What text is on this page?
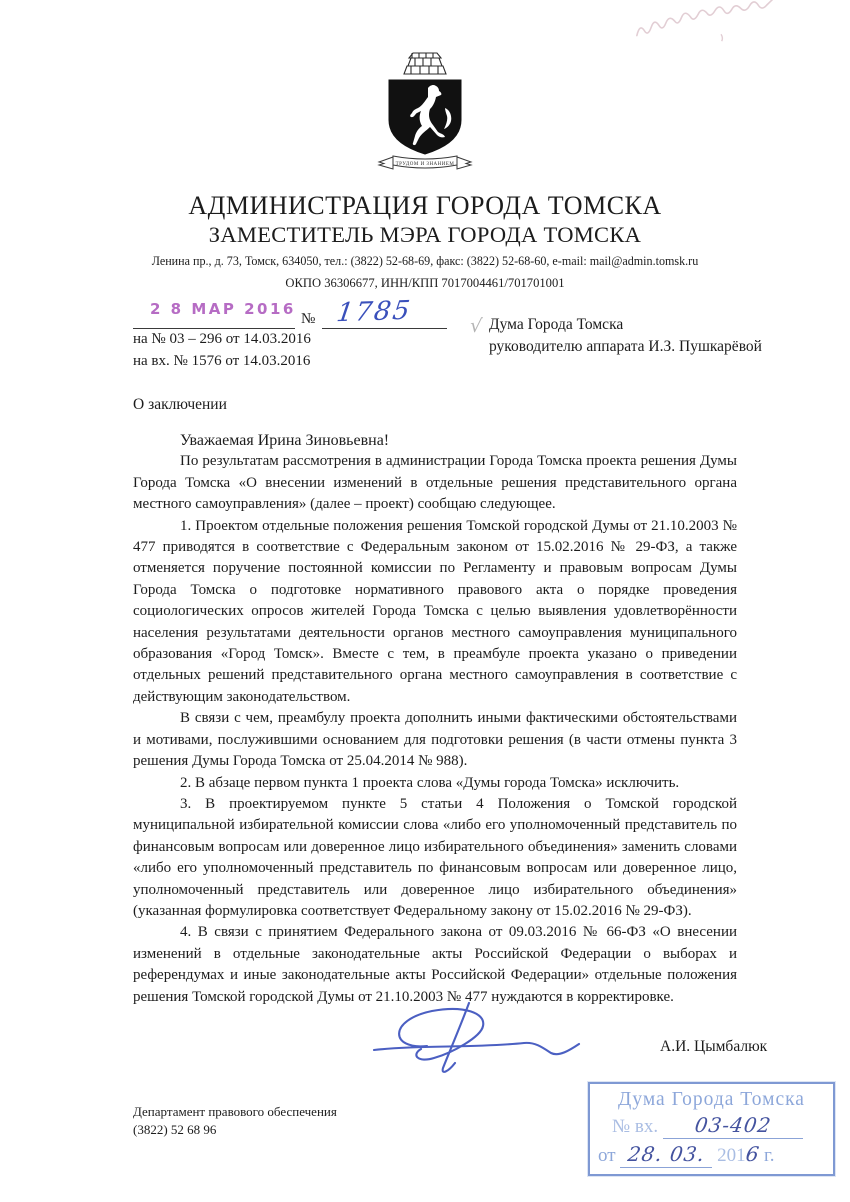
ТРУДОМ И ЗНАНИЕМ
АДМИНИСТРАЦИЯ ГОРОДА ТОМСКА
ЗАМЕСТИТЕЛЬ МЭРА ГОРОДА ТОМСКА
Ленина пр., д. 73, Томск, 634050, тел.: (3822) 52-68-69, факс: (3822) 52-68-60, e-mail: mail@admin.tomsk.ru
ОКПО 36306677, ИНН/КПП 7017004461/701701001
2 8 МАР 2016
№ 1785
на № 03 – 296 от 14.03.2016
на вх. № 1576 от 14.03.2016
√ Дума Города Томска
руководителю аппарата И.З. Пушкарёвой
О заключении

Уважаемая Ирина Зиновьевна!

По результатам рассмотрения в администрации Города Томска проекта решения Думы Города Томска «О внесении изменений в отдельные решения представительного органа местного самоуправления» (далее – проект) сообщаю следующее.

1. Проектом отдельные положения решения Томской городской Думы от 21.10.2003 № 477 приводятся в соответствие с Федеральным законом от 15.02.2016 № 29-ФЗ, а также отменяется поручение постоянной комиссии по Регламенту и правовым вопросам Думы Города Томска о подготовке нормативного правового акта о порядке проведения социологических опросов жителей Города Томска с целью выявления удовлетворённости населения результатами деятельности органов местного самоуправления муниципального образования «Город Томск». Вместе с тем, в преамбуле проекта указано о приведении отдельных решений представительного органа местного самоуправления в соответствие с действующим законодательством.

В связи с чем, преамбулу проекта дополнить иными фактическими обстоятельствами и мотивами, послужившими основанием для подготовки решения (в части отмены пункта 3 решения Думы Города Томска от 25.04.2014 № 988).

2. В абзаце первом пункта 1 проекта слова «Думы города Томска» исключить.

3. В проектируемом пункте 5 статьи 4 Положения о Томской городской муниципальной избирательной комиссии слова «либо его уполномоченный представитель по финансовым вопросам или доверенное лицо избирательного объединения» заменить словами «либо его уполномоченный представитель по финансовым вопросам или доверенное лицо, уполномоченный представитель или доверенное лицо избирательного объединения» (указанная формулировка соответствует Федеральному закону от 15.02.2016 № 29-ФЗ).

4. В связи с принятием Федерального закона от 09.03.2016 № 66-ФЗ «О внесении изменений в отдельные законодательные акты Российской Федерации о выборах и референдумах и иные законодательные акты Российской Федерации» отдельные положения решения Томской городской Думы от 21.10.2003 № 477 нуждаются в корректировке.

А.И. Цымбалюк
Департамент правового обеспечения
(3822) 52 68 96
Дума Города Томска
№ вх. 03-402
от 28. 03. 2016 г.
